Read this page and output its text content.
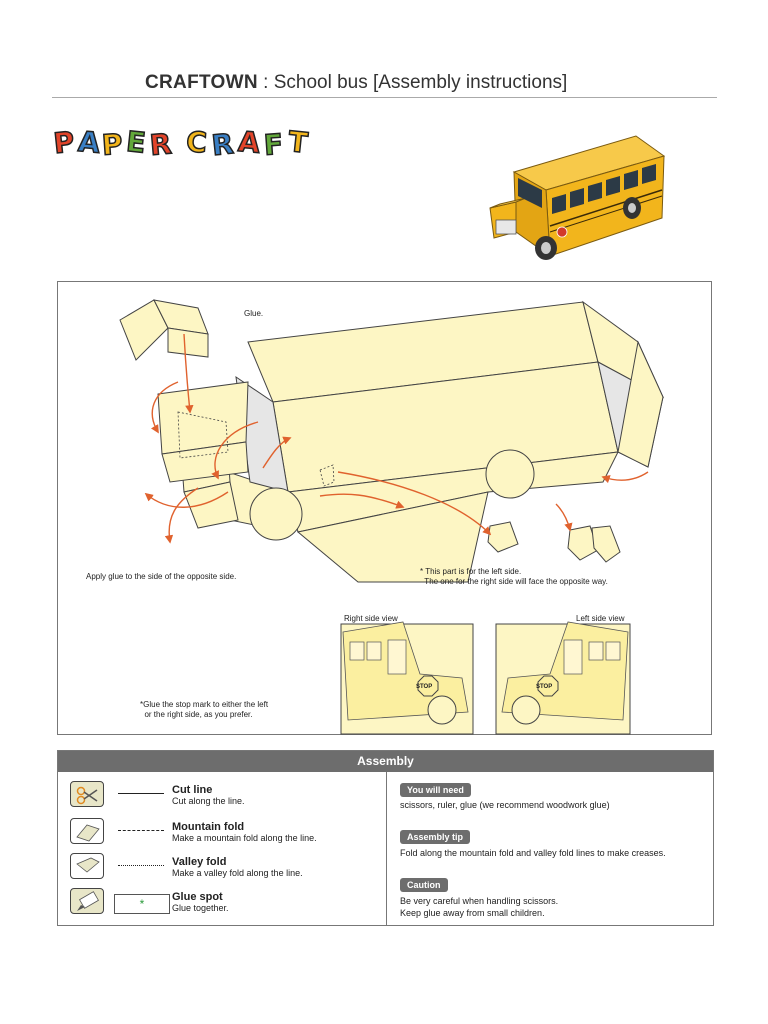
CRAFTOWN : School bus [Assembly instructions]
P A P E R C R A F T
Glue.
Apply glue to the side of the opposite side.
* This part is for the left side.
The one for the right side will face the opposite way.
Right side view	Left side view
STOP	STOP
*Glue the stop mark to either the left
or the right side, as you prefer.
Assembly
Cut line
Cut along the line.
Mountain fold
Make a mountain fold along the line.
Valley fold
Make a valley fold along the line.
*	Glue spot
Glue together.
You will need
scissors, ruler, glue (we recommend woodwork glue)
Assembly tip
Fold along the mountain fold and valley fold lines to make creases.
Caution
Be very careful when handling scissors.
Keep glue away from small children.
